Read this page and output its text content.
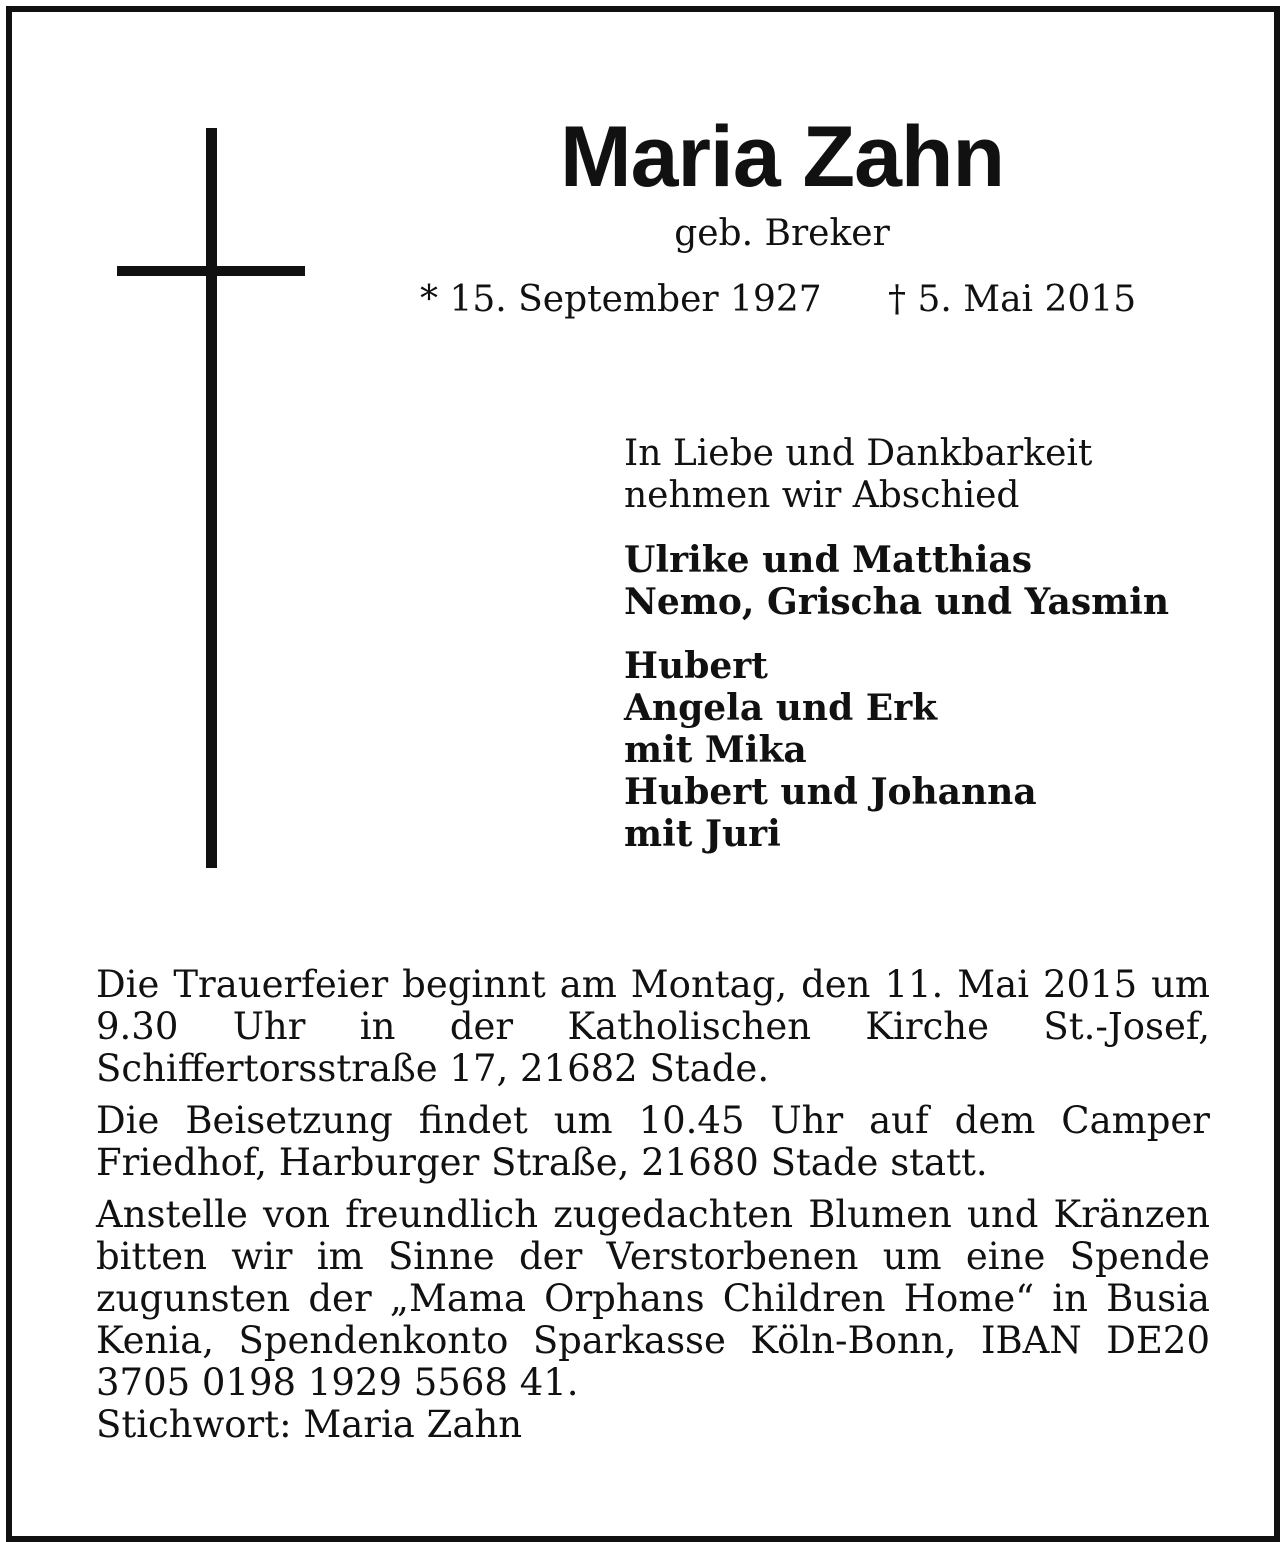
Maria Zahn
geb. Breker
* 15. September 1927 † 5. Mai 2015

In Liebe und Dankbarkeit
nehmen wir Abschied

Ulrike und Matthias
Nemo, Grischa und Yasmin

Hubert
Angela und Erk
mit Mika
Hubert und Johanna
mit Juri

Die Trauerfeier beginnt am Montag, den 11. Mai 2015 um 9.30 Uhr in der Katholischen Kirche St.-Josef, Schiffertorsstraße 17, 21682 Stade.

Die Beisetzung findet um 10.45 Uhr auf dem Camper Friedhof, Harburger Straße, 21680 Stade statt.

Anstelle von freundlich zugedachten Blumen und Kränzen bitten wir im Sinne der Verstorbenen um eine Spende zugunsten der „Mama Orphans Children Home“ in Busia Kenia, Spendenkonto Sparkasse Köln-Bonn, IBAN DE20 3705 0198 1929 5568 41.

Stichwort: Maria Zahn
